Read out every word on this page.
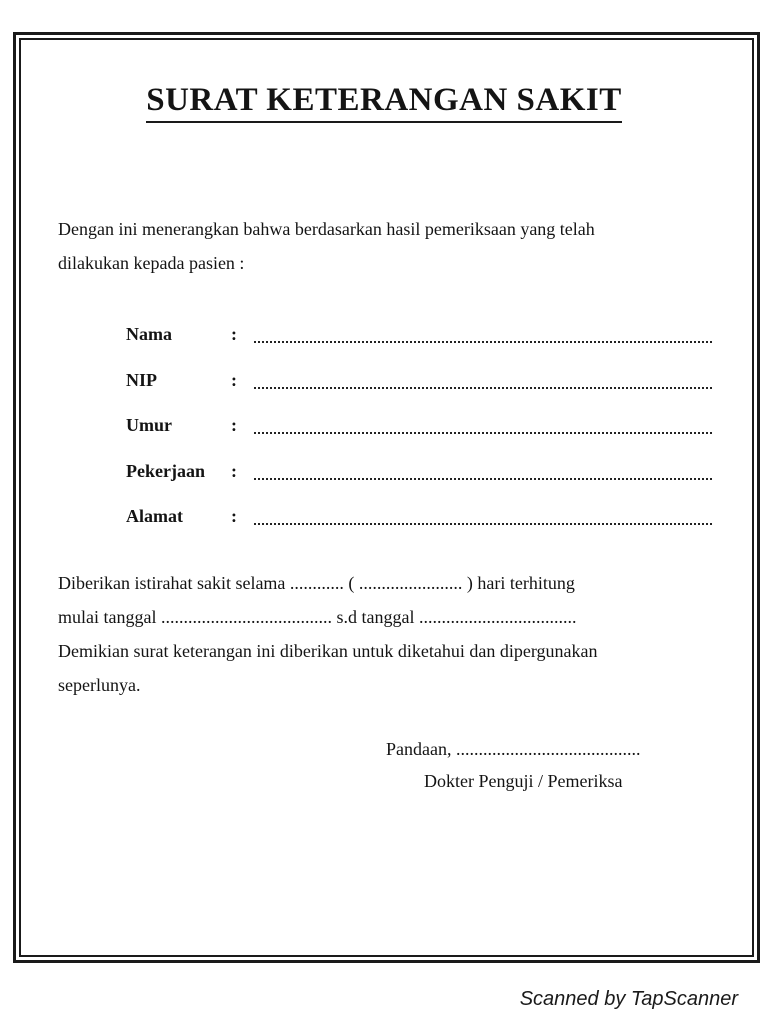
SURAT KETERANGAN SAKIT
Dengan ini menerangkan bahwa berdasarkan hasil pemeriksaan yang telah
dilakukan kepada pasien :
Nama	:
NIP	:
Umur	:
Pekerjaan :
Alamat	:
Diberikan istirahat sakit selama ............ ( ....................... ) hari terhitung
mulai tanggal ...................................... s.d tanggal ...................................
Demikian surat keterangan ini diberikan untuk diketahui dan dipergunakan
seperlunya.
Pandaan, .........................................
Dokter Penguji / Pemeriksa
Scanned by TapScanner
